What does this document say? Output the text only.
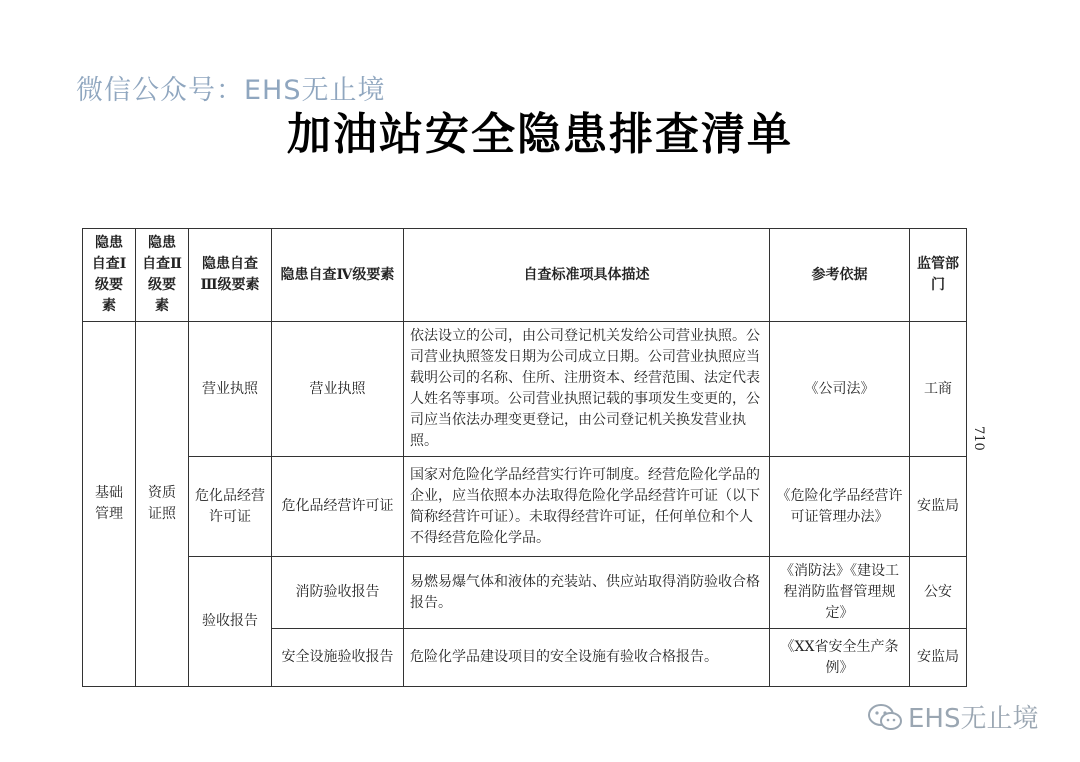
微信公众号：EHS无止境
加油站安全隐患排查清单
隐患自查Ⅰ级要素	隐患自查Ⅱ级要素	隐患自查Ⅲ级要素	隐患自查Ⅳ级要素	自查标准项具体描述	参考依据	监管部门
基础管理	资质证照	营业执照	营业执照	依法设立的公司，由公司登记机关发给公司营业执照。公司营业执照签发日期为公司成立日期。公司营业执照应当载明公司的名称、住所、注册资本、经营范围、法定代表人姓名等事项。公司营业执照记载的事项发生变更的，公司应当依法办理变更登记，由公司登记机关换发营业执照。	《公司法》	工商
		危化品经营许可证	危化品经营许可证	国家对危险化学品经营实行许可制度。经营危险化学品的企业，应当依照本办法取得危险化学品经营许可证（以下简称经营许可证）。未取得经营许可证，任何单位和个人不得经营危险化学品。	《危险化学品经营许可证管理办法》	安监局
		验收报告	消防验收报告	易燃易爆气体和液体的充装站、供应站取得消防验收合格报告。	《消防法》《建设工程消防监督管理规定》	公安
			安全设施验收报告	危险化学品建设项目的安全设施有验收合格报告。	《XX省安全生产条例》	安监局
710
EHS无止境
